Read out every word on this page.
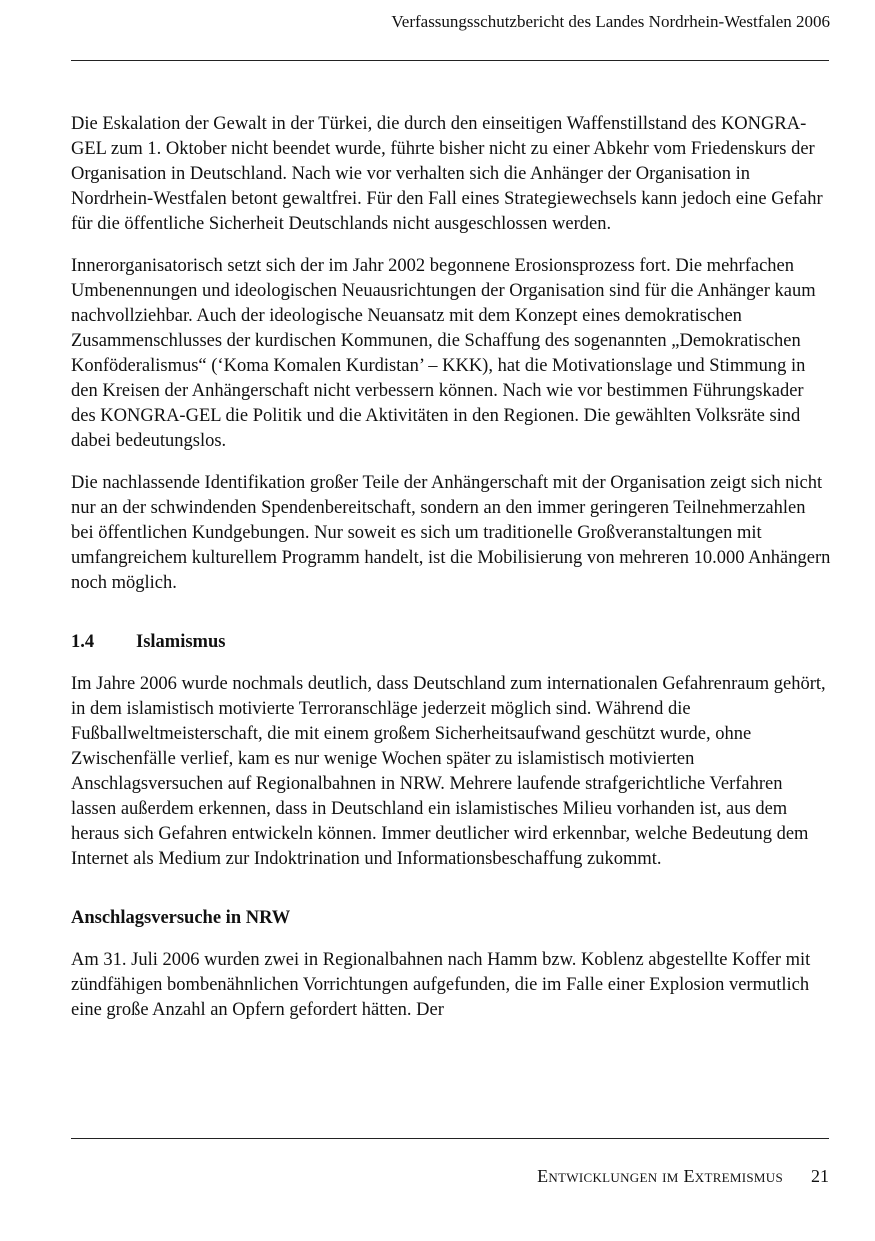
Verfassungsschutzbericht des Landes Nordrhein-Westfalen 2006

Die Eskalation der Gewalt in der Türkei, die durch den einseitigen Waffenstillstand des KONGRA-GEL zum 1. Oktober nicht beendet wurde, führte bisher nicht zu einer Abkehr vom Friedenskurs der Organisation in Deutschland. Nach wie vor verhalten sich die Anhänger der Organisation in Nordrhein-Westfalen betont gewaltfrei. Für den Fall eines Strategiewechsels kann jedoch eine Gefahr für die öffentliche Sicherheit Deutschlands nicht ausgeschlossen werden.

Innerorganisatorisch setzt sich der im Jahr 2002 begonnene Erosionsprozess fort. Die mehrfachen Umbenennungen und ideologischen Neuausrichtungen der Organisation sind für die Anhänger kaum nachvollziehbar. Auch der ideologische Neuansatz mit dem Konzept eines demokratischen Zusammenschlusses der kurdischen Kommunen, die Schaffung des sogenannten „Demokratischen Konföderalismus“ (‘Koma Komalen Kurdistan’ – KKK), hat die Motivationslage und Stimmung in den Kreisen der Anhängerschaft nicht verbessern können. Nach wie vor bestimmen Führungskader des KONGRA-GEL die Politik und die Aktivitäten in den Regionen. Die gewählten Volksräte sind dabei bedeutungslos.

Die nachlassende Identifikation großer Teile der Anhängerschaft mit der Organisation zeigt sich nicht nur an der schwindenden Spendenbereitschaft, sondern an den immer geringeren Teilnehmerzahlen bei öffentlichen Kundgebungen. Nur soweit es sich um traditionelle Großveranstaltungen mit umfangreichem kulturellem Programm handelt, ist die Mobilisierung von mehreren 10.000 Anhängern noch möglich.

1.4 Islamismus

Im Jahre 2006 wurde nochmals deutlich, dass Deutschland zum internationalen Gefahrenraum gehört, in dem islamistisch motivierte Terroranschläge jederzeit möglich sind. Während die Fußballweltmeisterschaft, die mit einem großem Sicherheitsaufwand geschützt wurde, ohne Zwischenfälle verlief, kam es nur wenige Wochen später zu islamistisch motivierten Anschlagsversuchen auf Regionalbahnen in NRW. Mehrere laufende strafgerichtliche Verfahren lassen außerdem erkennen, dass in Deutschland ein islamistisches Milieu vorhanden ist, aus dem heraus sich Gefahren entwickeln können. Immer deutlicher wird erkennbar, welche Bedeutung dem Internet als Medium zur Indoktrination und Informationsbeschaffung zukommt.

Anschlagsversuche in NRW

Am 31. Juli 2006 wurden zwei in Regionalbahnen nach Hamm bzw. Koblenz abgestellte Koffer mit zündfähigen bombenähnlichen Vorrichtungen aufgefunden, die im Falle einer Explosion vermutlich eine große Anzahl an Opfern gefordert hätten. Der

Entwicklungen im Extremismus 21
